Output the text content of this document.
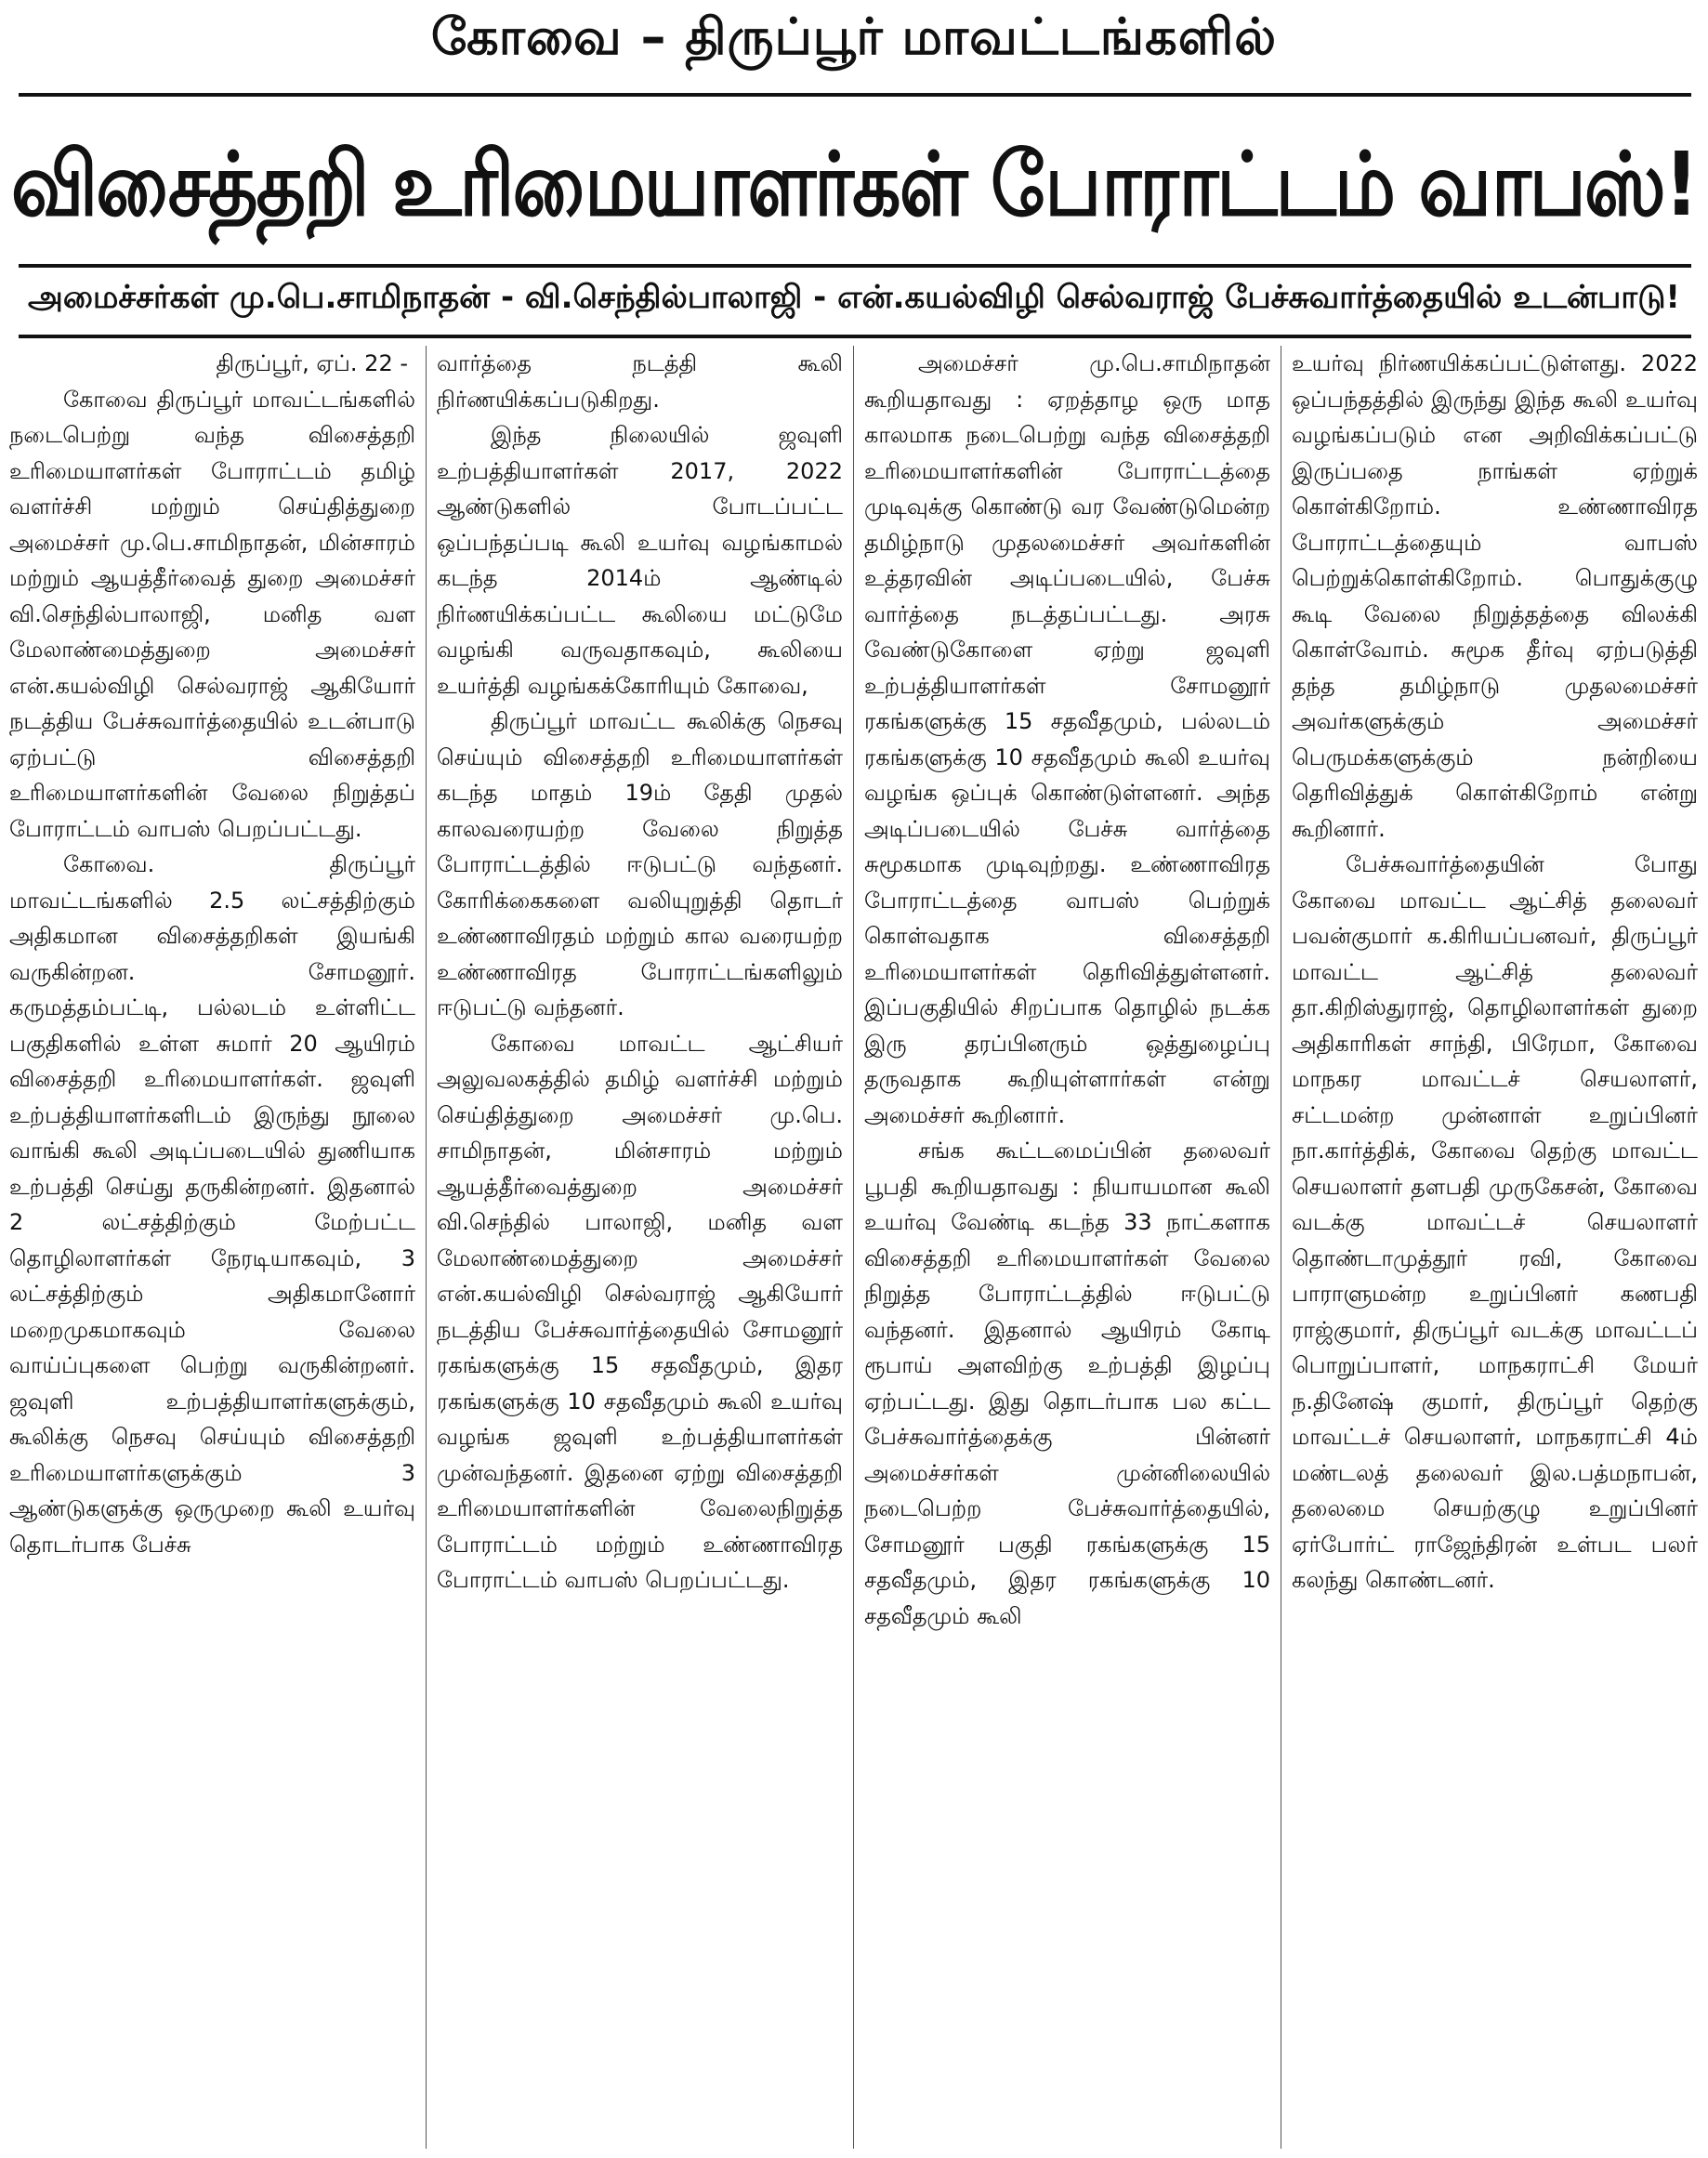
கோவை – திருப்பூர் மாவட்டங்களில்
விசைத்தறி உரிமையாளர்கள் போராட்டம் வாபஸ்!
அமைச்சர்கள் மு.பெ.சாமிநாதன் - வி.செந்தில்பாலாஜி - என்.கயல்விழி செல்வராஜ் பேச்சுவார்த்தையில் உடன்பாடு!

திருப்பூர், ஏப். 22 -

கோவை திருப்பூர் மாவட்டங்களில் நடைபெற்று வந்த விசைத்தறி உரிமையாளர்கள் போராட்டம் தமிழ் வளர்ச்சி மற்றும் செய்தித்துறை அமைச்சர் மு.பெ.சாமிநாதன், மின்சாரம் மற்றும் ஆயத்தீர்வைத் துறை அமைச்சர் வி.செந்தில்பாலாஜி, மனித வள மேலாண்மைத்துறை அமைச்சர் என்.கயல்விழி செல்வராஜ் ஆகியோர் நடத்திய பேச்சுவார்த்தையில் உடன்பாடு ஏற்பட்டு விசைத்தறி உரிமையாளர்களின் வேலை நிறுத்தப் போராட்டம் வாபஸ் பெறப்பட்டது.

கோவை. திருப்பூர் மாவட்டங்களில் 2.5 லட்சத்திற்கும் அதிகமான விசைத்தறிகள் இயங்கி வருகின்றன. சோமனூர். கருமத்தம்பட்டி, பல்லடம் உள்ளிட்ட பகுதிகளில் உள்ள சுமார் 20 ஆயிரம் விசைத்தறி உரிமையாளர்கள். ஜவுளி உற்பத்தியாளர்களிடம் இருந்து நூலை வாங்கி கூலி அடிப்படையில் துணியாக உற்பத்தி செய்து தருகின்றனர். இதனால் 2 லட்சத்திற்கும் மேற்பட்ட தொழிலாளர்கள் நேரடியாகவும், 3 லட்சத்திற்கும் அதிகமானோர் மறைமுகமாகவும் வேலை வாய்ப்புகளை பெற்று வருகின்றனர். ஜவுளி உற்பத்தியாளர்களுக்கும், கூலிக்கு நெசவு செய்யும் விசைத்தறி உரிமையாளர்களுக்கும் 3 ஆண்டுகளுக்கு ஒருமுறை கூலி உயர்வு தொடர்பாக பேச்சு

வார்த்தை நடத்தி கூலி நிர்ணயிக்கப்படுகிறது.

இந்த நிலையில் ஜவுளி உற்பத்தியாளர்கள் 2017, 2022 ஆண்டுகளில் போடப்பட்ட ஒப்பந்தப்படி கூலி உயர்வு வழங்காமல் கடந்த 2014ம் ஆண்டில் நிர்ணயிக்கப்பட்ட கூலியை மட்டுமே வழங்கி வருவதாகவும், கூலியை உயர்த்தி வழங்கக்கோரியும் கோவை,

திருப்பூர் மாவட்ட கூலிக்கு நெசவு செய்யும் விசைத்தறி உரிமையாளர்கள் கடந்த மாதம் 19ம் தேதி முதல் காலவரையற்ற வேலை நிறுத்த போராட்டத்தில் ஈடுபட்டு வந்தனர். கோரிக்கைகளை வலியுறுத்தி தொடர் உண்ணாவிரதம் மற்றும் கால வரையற்ற உண்ணாவிரத போராட்டங்களிலும் ஈடுபட்டு வந்தனர்.

கோவை மாவட்ட ஆட்சியர் அலுவலகத்தில் தமிழ் வளர்ச்சி மற்றும் செய்தித்துறை அமைச்சர் மு.பெ. சாமிநாதன், மின்சாரம் மற்றும் ஆயத்தீர்வைத்துறை அமைச்சர் வி.செந்தில் பாலாஜி, மனித வள மேலாண்மைத்துறை அமைச்சர் என்.கயல்விழி செல்வராஜ் ஆகியோர் நடத்திய பேச்சுவார்த்தையில் சோமனூர் ரகங்களுக்கு 15 சதவீதமும், இதர ரகங்களுக்கு 10 சதவீதமும் கூலி உயர்வு வழங்க ஜவுளி உற்பத்தியாளர்கள் முன்வந்தனர். இதனை ஏற்று விசைத்தறி உரிமையாளர்களின் வேலைநிறுத்த போராட்டம் மற்றும் உண்ணாவிரத போராட்டம் வாபஸ் பெறப்பட்டது.

அமைச்சர் மு.பெ.சாமிநாதன் கூறியதாவது : ஏறத்தாழ ஒரு மாத காலமாக நடைபெற்று வந்த விசைத்தறி உரிமையாளர்களின் போராட்டத்தை முடிவுக்கு கொண்டு வர வேண்டுமென்ற தமிழ்நாடு முதலமைச்சர் அவர்களின் உத்தரவின் அடிப்படையில், பேச்சு வார்த்தை நடத்தப்பட்டது. அரசு வேண்டுகோளை ஏற்று ஜவுளி உற்பத்தியாளர்கள் சோமனூர் ரகங்களுக்கு 15 சதவீதமும், பல்லடம் ரகங்களுக்கு 10 சதவீதமும் கூலி உயர்வு வழங்க ஒப்புக் கொண்டுள்ளனர். அந்த அடிப்படையில் பேச்சு வார்த்தை சுமூகமாக முடிவுற்றது. உண்ணாவிரத போராட்டத்தை வாபஸ் பெற்றுக் கொள்வதாக விசைத்தறி உரிமையாளர்கள் தெரிவித்துள்ளனர். இப்பகுதியில் சிறப்பாக தொழில் நடக்க இரு தரப்பினரும் ஒத்துழைப்பு தருவதாக கூறியுள்ளார்கள் என்று அமைச்சர் கூறினார்.

சங்க கூட்டமைப்பின் தலைவர் பூபதி கூறியதாவது : நியாயமான கூலி உயர்வு வேண்டி கடந்த 33 நாட்களாக விசைத்தறி உரிமையாளர்கள் வேலை நிறுத்த போராட்டத்தில் ஈடுபட்டு வந்தனர். இதனால் ஆயிரம் கோடி ரூபாய் அளவிற்கு உற்பத்தி இழப்பு ஏற்பட்டது. இது தொடர்பாக பல கட்ட பேச்சுவார்த்தைக்கு பின்னர் அமைச்சர்கள் முன்னிலையில் நடைபெற்ற பேச்சுவார்த்தையில், சோமனூர் பகுதி ரகங்களுக்கு 15 சதவீதமும், இதர ரகங்களுக்கு 10 சதவீதமும் கூலி

உயர்வு நிர்ணயிக்கப்பட்டுள்ளது. 2022 ஒப்பந்தத்தில் இருந்து இந்த கூலி உயர்வு வழங்கப்படும் என அறிவிக்கப்பட்டு இருப்பதை நாங்கள் ஏற்றுக் கொள்கிறோம். உண்ணாவிரத போராட்டத்தையும் வாபஸ் பெற்றுக்கொள்கிறோம். பொதுக்குழு கூடி வேலை நிறுத்தத்தை விலக்கி கொள்வோம். சுமூக தீர்வு ஏற்படுத்தி தந்த தமிழ்நாடு முதலமைச்சர் அவர்களுக்கும் அமைச்சர் பெருமக்களுக்கும் நன்றியை தெரிவித்துக் கொள்கிறோம் என்று கூறினார்.

பேச்சுவார்த்தையின் போது கோவை மாவட்ட ஆட்சித் தலைவர் பவன்குமார் க.கிரியப்பனவர், திருப்பூர் மாவட்ட ஆட்சித் தலைவர் தா.கிறிஸ்துராஜ், தொழிலாளர்கள் துறை அதிகாரிகள் சாந்தி, பிரேமா, கோவை மாநகர மாவட்டச் செயலாளர், சட்டமன்ற முன்னாள் உறுப்பினர் நா.கார்த்திக், கோவை தெற்கு மாவட்ட செயலாளர் தளபதி முருகேசன், கோவை வடக்கு மாவட்டச் செயலாளர் தொண்டாமுத்தூர் ரவி, கோவை பாராளுமன்ற உறுப்பினர் கணபதி ராஜ்குமார், திருப்பூர் வடக்கு மாவட்டப் பொறுப்பாளர், மாநகராட்சி மேயர் ந.தினேஷ் குமார், திருப்பூர் தெற்கு மாவட்டச் செயலாளர், மாநகராட்சி 4ம் மண்டலத் தலைவர் இல.பத்மநாபன், தலைமை செயற்குழு உறுப்பினர் ஏர்போர்ட் ராஜேந்திரன் உள்பட பலர் கலந்து கொண்டனர்.
